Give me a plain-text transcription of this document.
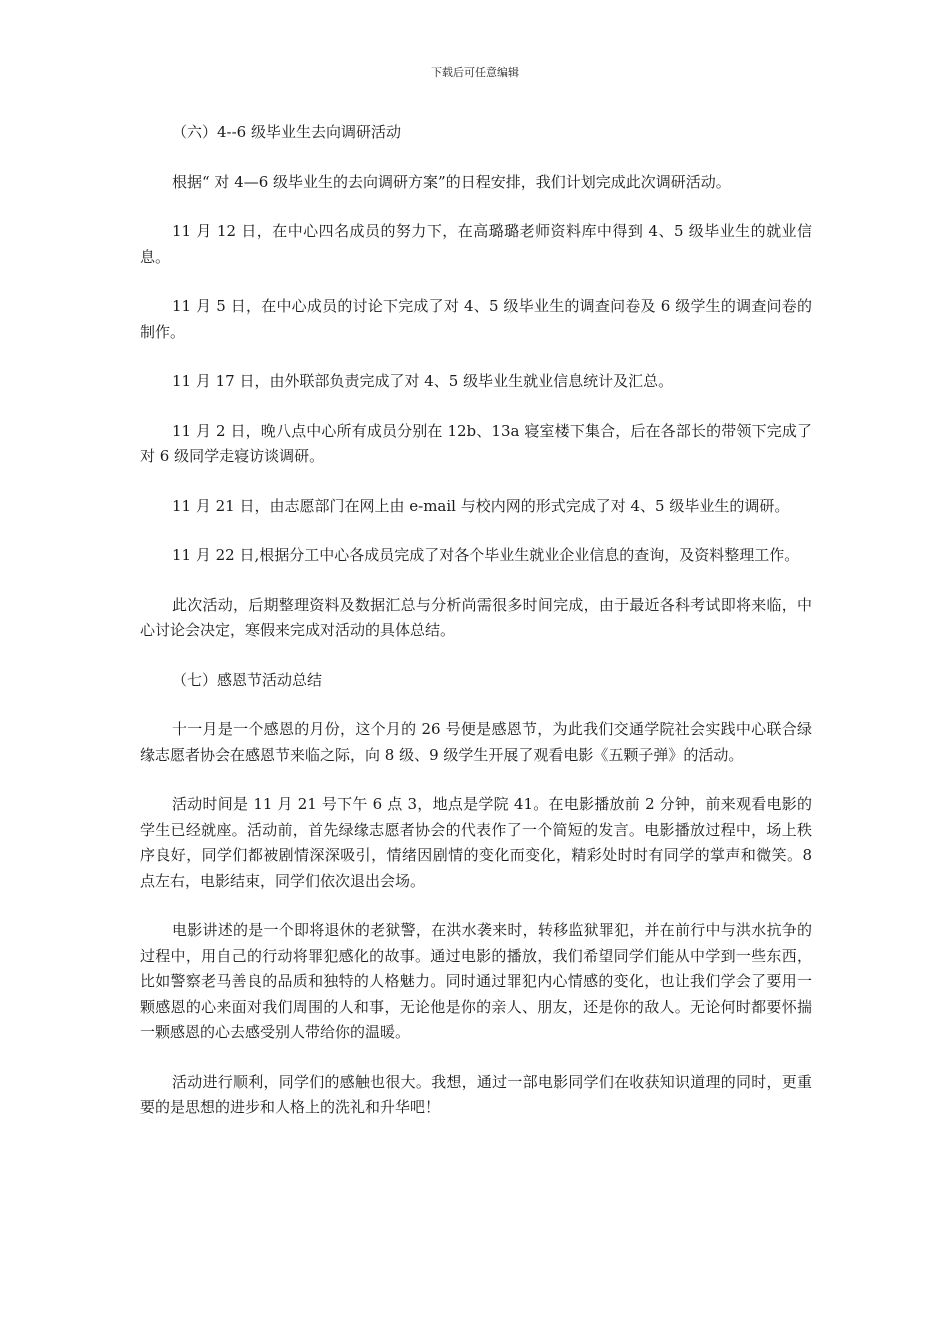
下载后可任意编辑

（六）4--6 级毕业生去向调研活动

根据“ 对 4—6 级毕业生的去向调研方案”的日程安排，我们计划完成此次调研活动。

11 月 12 日，在中心四名成员的努力下，在高璐璐老师资料库中得到 4、5 级毕业生的就业信息。

11 月 5 日，在中心成员的讨论下完成了对 4、5 级毕业生的调查问卷及 6 级学生的调查问卷的制作。

11 月 17 日，由外联部负责完成了对 4、5 级毕业生就业信息统计及汇总。

11 月 2 日，晚八点中心所有成员分别在 12b、13a 寝室楼下集合，后在各部长的带领下完成了对 6 级同学走寝访谈调研。

11 月 21 日，由志愿部门在网上由 e-mail 与校内网的形式完成了对 4、5 级毕业生的调研。

11 月 22 日,根据分工中心各成员完成了对各个毕业生就业企业信息的查询，及资料整理工作。

此次活动，后期整理资料及数据汇总与分析尚需很多时间完成，由于最近各科考试即将来临，中心讨论会决定，寒假来完成对活动的具体总结。

（七）感恩节活动总结

十一月是一个感恩的月份，这个月的 26 号便是感恩节，为此我们交通学院社会实践中心联合绿缘志愿者协会在感恩节来临之际，向 8 级、9 级学生开展了观看电影《五颗子弹》的活动。

活动时间是 11 月 21 号下午 6 点 3，地点是学院 41。在电影播放前 2 分钟，前来观看电影的学生已经就座。活动前，首先绿缘志愿者协会的代表作了一个简短的发言。电影播放过程中，场上秩序良好，同学们都被剧情深深吸引，情绪因剧情的变化而变化，精彩处时时有同学的掌声和微笑。8 点左右，电影结束，同学们依次退出会场。

电影讲述的是一个即将退休的老狱警，在洪水袭来时，转移监狱罪犯，并在前行中与洪水抗争的过程中，用自己的行动将罪犯感化的故事。通过电影的播放，我们希望同学们能从中学到一些东西，比如警察老马善良的品质和独特的人格魅力。同时通过罪犯内心情感的变化，也让我们学会了要用一颗感恩的心来面对我们周围的人和事，无论他是你的亲人、朋友，还是你的敌人。无论何时都要怀揣一颗感恩的心去感受别人带给你的温暖。

活动进行顺利，同学们的感触也很大。我想，通过一部电影同学们在收获知识道理的同时，更重要的是思想的进步和人格上的洗礼和升华吧！
